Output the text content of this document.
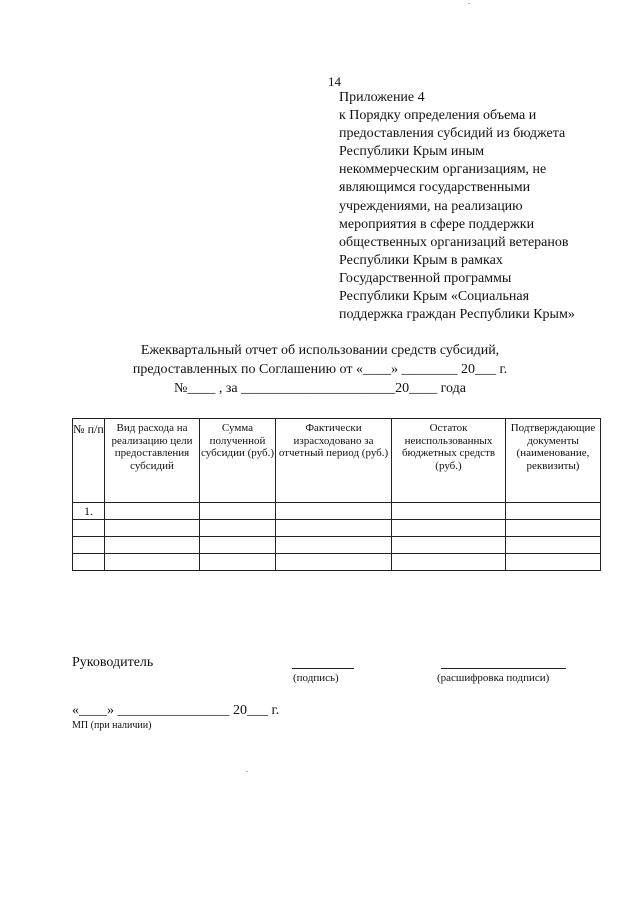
14
Приложение 4
к Порядку определения объема и
предоставления субсидий из бюджета
Республики Крым иным
некоммерческим организациям, не
являющимся государственными
учреждениями, на реализацию
мероприятия в сфере поддержки
общественных организаций ветеранов
Республики Крым в рамках
Государственной программы
Республики Крым «Социальная
поддержка граждан Республики Крым»
Ежеквартальный отчет об использовании средств субсидий,
предоставленных по Соглашению от «____» ________ 20___ г.
№____ , за ______________________20____ года
№ п/п	Вид расхода на реализацию цели предоставления субсидий	Сумма полученной субсидии (руб.)	Фактически израсходовано за отчетный период (руб.)	Остаток неиспользованных бюджетных средств (руб.)	Подтверждающие документы (наименование, реквизиты)
1.					

Руководитель
(подпись)	(расшифровка подписи)
«____» ________________ 20___ г.
МП (при наличии)
